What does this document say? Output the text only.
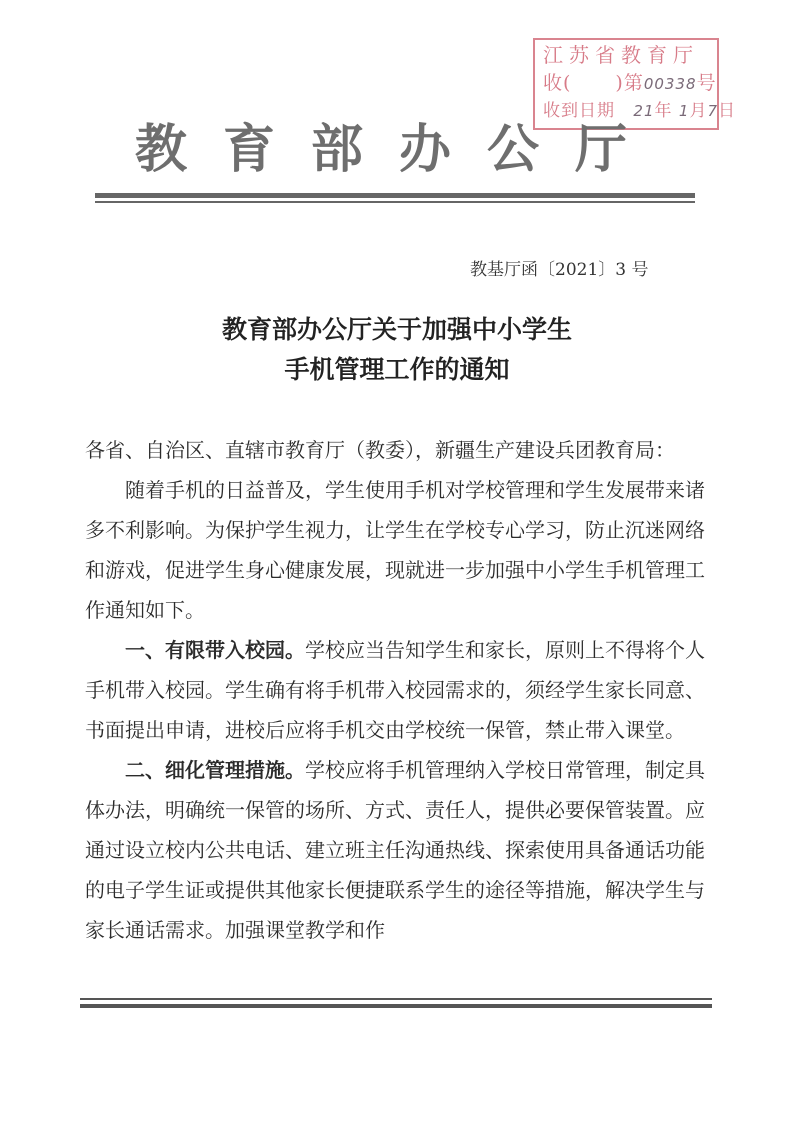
江苏省教育厅
收( )第00338号
收到日期 21年 1月7日
教育部办公厅
教基厅函〔2021〕3 号
教育部办公厅关于加强中小学生
手机管理工作的通知

各省、自治区、直辖市教育厅（教委），新疆生产建设兵团教育局：

随着手机的日益普及，学生使用手机对学校管理和学生发展带来诸多不利影响。为保护学生视力，让学生在学校专心学习，防止沉迷网络和游戏，促进学生身心健康发展，现就进一步加强中小学生手机管理工作通知如下。

一、有限带入校园。学校应当告知学生和家长，原则上不得将个人手机带入校园。学生确有将手机带入校园需求的，须经学生家长同意、书面提出申请，进校后应将手机交由学校统一保管，禁止带入课堂。

二、细化管理措施。学校应将手机管理纳入学校日常管理，制定具体办法，明确统一保管的场所、方式、责任人，提供必要保管装置。应通过设立校内公共电话、建立班主任沟通热线、探索使用具备通话功能的电子学生证或提供其他家长便捷联系学生的途径等措施，解决学生与家长通话需求。加强课堂教学和作
